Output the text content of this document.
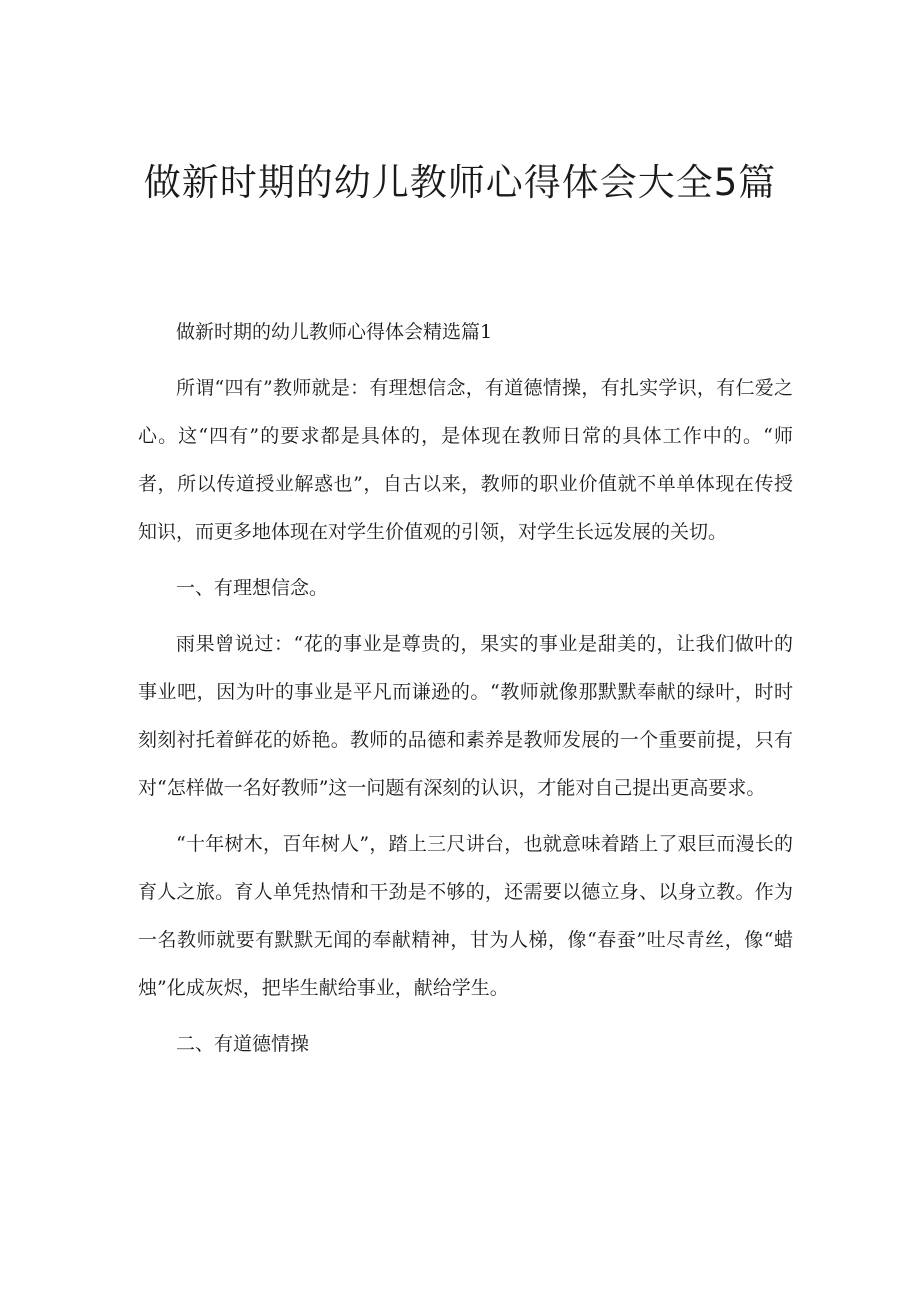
做新时期的幼儿教师心得体会大全5篇

做新时期的幼儿教师心得体会精选篇1

所谓“四有”教师就是：有理想信念，有道德情操，有扎实学识，有仁爱之心。这“四有”的要求都是具体的，是体现在教师日常的具体工作中的。“师者，所以传道授业解惑也”，自古以来，教师的职业价值就不单单体现在传授知识，而更多地体现在对学生价值观的引领，对学生长远发展的关切。

一、有理想信念。

雨果曾说过：“花的事业是尊贵的，果实的事业是甜美的，让我们做叶的事业吧，因为叶的事业是平凡而谦逊的。“教师就像那默默奉献的绿叶，时时刻刻衬托着鲜花的娇艳。教师的品德和素养是教师发展的一个重要前提，只有对“怎样做一名好教师”这一问题有深刻的认识，才能对自己提出更高要求。

“十年树木，百年树人”，踏上三尺讲台，也就意味着踏上了艰巨而漫长的育人之旅。育人单凭热情和干劲是不够的，还需要以德立身、以身立教。作为一名教师就要有默默无闻的奉献精神，甘为人梯，像“春蚕”吐尽青丝，像“蜡烛”化成灰烬，把毕生献给事业，献给学生。

二、有道德情操
